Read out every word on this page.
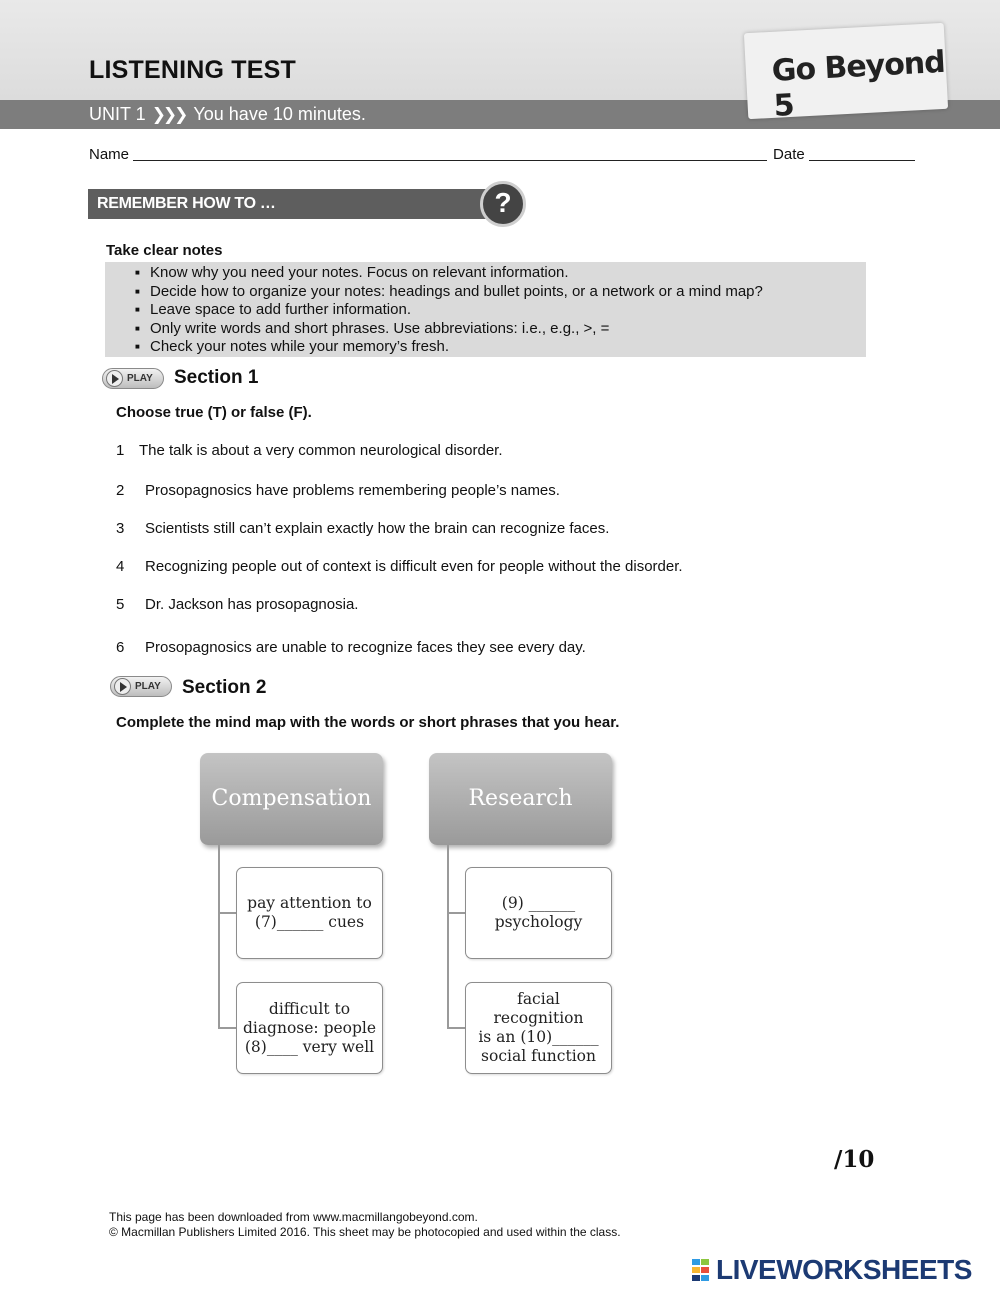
LISTENING TEST
UNIT 1 ❯❯❯ You have 10 minutes.
Go Beyond 5
Name	Date
REMEMBER HOW TO …	?
Take clear notes
■ Know why you need your notes. Focus on relevant information.
■ Decide how to organize your notes: headings and bullet points, or a network or a mind map?
■ Leave space to add further information.
■ Only write words and short phrases. Use abbreviations: i.e., e.g., >, =
■ Check your notes while your memory’s fresh.
PLAY Section 1
Choose true (T) or false (F).
1 The talk is about a very common neurological disorder.
2 Prosopagnosics have problems remembering people’s names.
3 Scientists still can’t explain exactly how the brain can recognize faces.
4 Recognizing people out of context is difficult even for people without the disorder.
5 Dr. Jackson has prosopagnosia.
6 Prosopagnosics are unable to recognize faces they see every day.
PLAY Section 2
Complete the mind map with the words or short phrases that you hear.
Compensation
pay attention to
(7)______ cues
difficult to
diagnose: people
(8)____ very well
Research
(9) ______
psychology
facial recognition
is an (10)______
social function
/10
This page has been downloaded from www.macmillangobeyond.com.
© Macmillan Publishers Limited 2016. This sheet may be photocopied and used within the class.
LIVEWORKSHEETS
